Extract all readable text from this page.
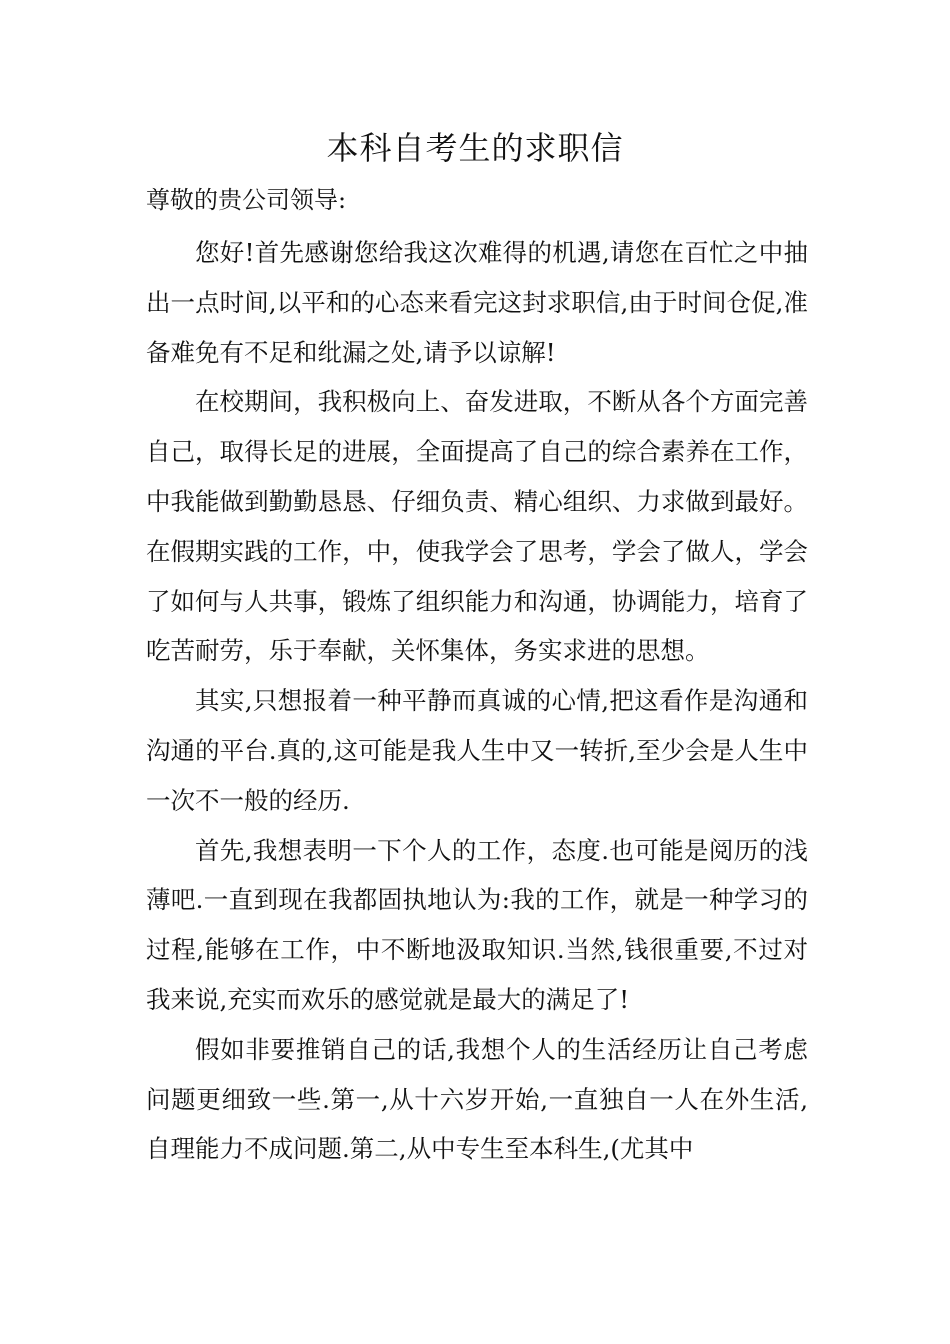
本科自考生的求职信
尊敬的贵公司领导:

您好!首先感谢您给我这次难得的机遇,请您在百忙之中抽出一点时间,以平和的心态来看完这封求职信,由于时间仓促,准备难免有不足和纰漏之处,请予以谅解!

在校期间，我积极向上、奋发进取，不断从各个方面完善自己，取得长足的进展，全面提高了自己的综合素养在工作，中我能做到勤勤恳恳、仔细负责、精心组织、力求做到最好。在假期实践的工作，中，使我学会了思考，学会了做人，学会了如何与人共事，锻炼了组织能力和沟通，协调能力，培育了吃苦耐劳，乐于奉献，关怀集体，务实求进的思想。

其实,只想报着一种平静而真诚的心情,把这看作是沟通和沟通的平台.真的,这可能是我人生中又一转折,至少会是人生中一次不一般的经历.

首先,我想表明一下个人的工作，态度.也可能是阅历的浅薄吧.一直到现在我都固执地认为:我的工作，就是一种学习的过程,能够在工作，中不断地汲取知识.当然,钱很重要,不过对我来说,充实而欢乐的感觉就是最大的满足了!

假如非要推销自己的话,我想个人的生活经历让自己考虑问题更细致一些.第一,从十六岁开始,一直独自一人在外生活,自理能力不成问题.第二,从中专生至本科生,(尤其中
